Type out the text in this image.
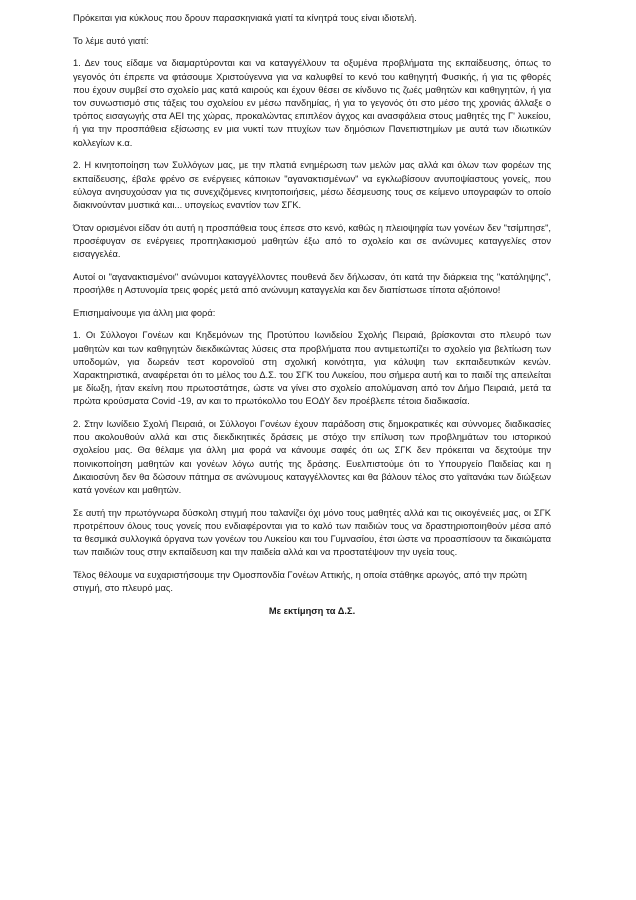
Πρόκειται για κύκλους που δρουν παρασκηνιακά γιατί τα κίνητρά τους είναι ιδιοτελή.

Το λέμε αυτό γιατί:

1. Δεν τους είδαμε να διαμαρτύρονται και να καταγγέλλουν τα οξυμένα προβλήματα της εκπαίδευσης, όπως το γεγονός ότι έπρεπε να φτάσουμε Χριστούγεννα για να καλυφθεί το κενό του καθηγητή Φυσικής, ή για τις φθορές που έχουν συμβεί στο σχολείο μας κατά καιρούς και έχουν θέσει σε κίνδυνο τις ζωές μαθητών και καθηγητών, ή για τον συνωστισμό στις τάξεις του σχολείου εν μέσω πανδημίας, ή για το γεγονός ότι στο μέσο της χρονιάς άλλαξε ο τρόπος εισαγωγής στα ΑΕΙ της χώρας, προκαλώντας επιπλέον άγχος και ανασφάλεια στους μαθητές της Γ' λυκείου, ή για την προσπάθεια εξίσωσης εν μια νυκτί των πτυχίων των δημόσιων Πανεπιστημίων με αυτά των ιδιωτικών κολλεγίων κ.α.

2. Η κινητοποίηση των Συλλόγων μας, με την πλατιά ενημέρωση των μελών μας αλλά και όλων των φορέων της εκπαίδευσης, έβαλε φρένο σε ενέργειες κάποιων "αγανακτισμένων" να εγκλωβίσουν ανυποψίαστους γονείς, που εύλογα ανησυχούσαν για τις συνεχιζόμενες κινητοποιήσεις, μέσω δέσμευσης τους σε κείμενο υπογραφών το οποίο διακινούνταν μυστικά και... υπογείως εναντίον των ΣΓΚ.

Όταν ορισμένοι είδαν ότι αυτή η προσπάθεια τους έπεσε στο κενό, καθώς η πλειοψηφία των γονέων δεν "τσίμπησε", προσέφυγαν σε ενέργειες προπηλακισμού μαθητών έξω από το σχολείο και σε ανώνυμες καταγγελίες στον εισαγγελέα.

Αυτοί οι "αγανακτισμένοι" ανώνυμοι καταγγέλλοντες πουθενά δεν δήλωσαν, ότι κατά την διάρκεια της "κατάληψης", προσήλθε η Αστυνομία τρεις φορές μετά από ανώνυμη καταγγελία και δεν διαπίστωσε τίποτα αξιόποινο!

Επισημαίνουμε για άλλη μια φορά:

1. Οι Σύλλογοι Γονέων και Κηδεμόνων της Προτύπου Ιωνιδείου Σχολής Πειραιά, βρίσκονται στο πλευρό των μαθητών και των καθηγητών διεκδικώντας λύσεις στα προβλήματα που αντιμετωπίζει το σχολείο για βελτίωση των υποδομών, για δωρεάν τεστ κορονοϊού στη σχολική κοινότητα, για κάλυψη των εκπαιδευτικών κενών. Χαρακτηριστικά, αναφέρεται ότι το μέλος του Δ.Σ. του ΣΓΚ του Λυκείου, που σήμερα αυτή και το παιδί της απειλείται με δίωξη, ήταν εκείνη που πρωτοστάτησε, ώστε να γίνει στο σχολείο απολύμανση από τον Δήμο Πειραιά, μετά τα πρώτα κρούσματα Covid -19, αν και το πρωτόκολλο του ΕΟΔΥ δεν προέβλεπε τέτοια διαδικασία.

2. Στην Ιωνίδειο Σχολή Πειραιά, οι Σύλλογοι Γονέων έχουν παράδοση στις δημοκρατικές και σύννομες διαδικασίες που ακολουθούν αλλά και στις διεκδικητικές δράσεις με στόχο την επίλυση των προβλημάτων του ιστορικού σχολείου μας. Θα θέλαμε για άλλη μια φορά να κάνουμε σαφές ότι ως ΣΓΚ δεν πρόκειται να δεχτούμε την ποινικοποίηση μαθητών και γονέων λόγω αυτής της δράσης. Ευελπιστούμε ότι το Υπουργείο Παιδείας και η Δικαιοσύνη δεν θα δώσουν πάτημα σε ανώνυμους καταγγέλλοντες και θα βάλουν τέλος στο γαϊτανάκι των διώξεων κατά γονέων και μαθητών.

Σε αυτή την πρωτόγνωρα δύσκολη στιγμή που ταλανίζει όχι μόνο τους μαθητές αλλά και τις οικογένειές μας, οι ΣΓΚ προτρέπουν όλους τους γονείς που ενδιαφέρονται για το καλό των παιδιών τους να δραστηριοποιηθούν μέσα από τα θεσμικά συλλογικά όργανα των γονέων του Λυκείου και του Γυμνασίου, έτσι ώστε να προασπίσουν τα δικαιώματα των παιδιών τους στην εκπαίδευση και την παιδεία αλλά και να προστατέψουν την υγεία τους.

Τέλος θέλουμε να ευχαριστήσουμε την Ομοσπονδία Γονέων Αττικής, η οποία στάθηκε αρωγός, από την πρώτη στιγμή, στο πλευρό μας.

Με εκτίμηση τα Δ.Σ.
